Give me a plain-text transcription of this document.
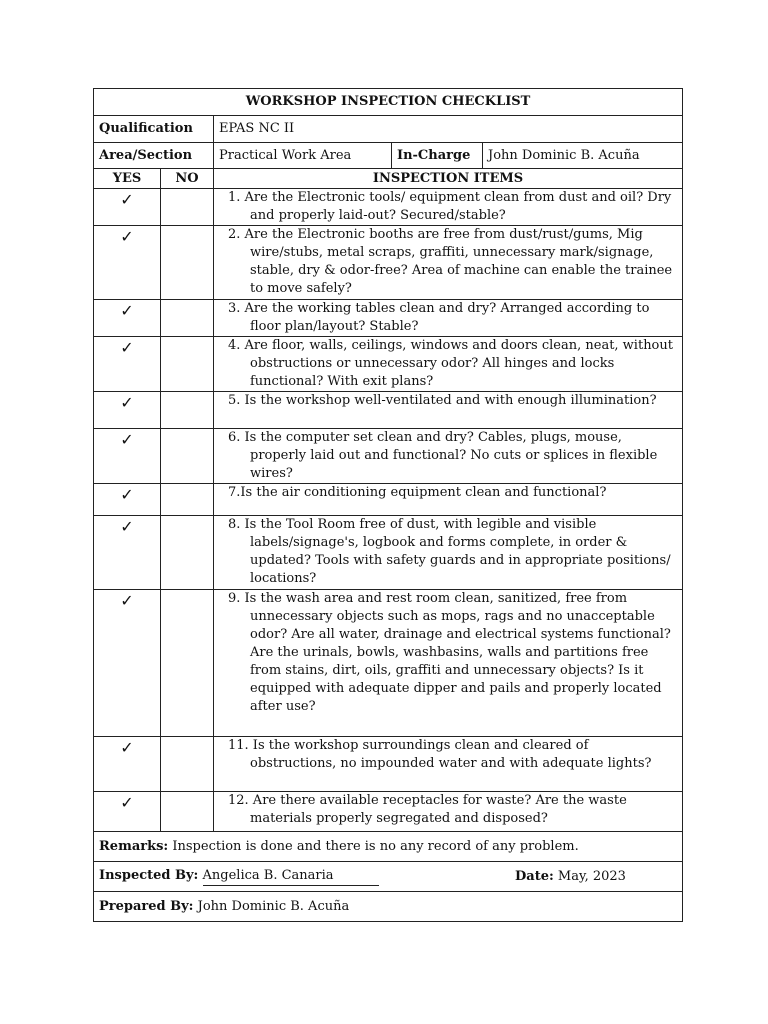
WORKSHOP INSPECTION CHECKLIST				
Qualification		EPAS NC II		
Area/Section		Practical Work Area	In-Charge	John Dominic B. Acuña
YES	NO	INSPECTION ITEMS		
✓		1. Are the Electronic tools/ equipment clean from dust and oil? Dry and properly laid-out? Secured/stable?		

✓		2. Are the Electronic booths are free from dust/rust/gums, Mig wire/stubs, metal scraps, graffiti, unnecessary mark/signage, stable, dry & odor-free? Area of machine can enable the trainee to move safely?		

✓		3. Are the working tables clean and dry? Arranged according to floor plan/layout? Stable?		

✓		4. Are floor, walls, ceilings, windows and doors clean, neat, without obstructions or unnecessary odor? All hinges and locks functional? With exit plans?		

✓		5. Is the workshop well-ventilated and with enough illumination?		

✓		6. Is the computer set clean and dry? Cables, plugs, mouse, properly laid out and functional? No cuts or splices in flexible wires?		

✓		7.Is the air conditioning equipment clean and functional?		

✓		8. Is the Tool Room free of dust, with legible and visible labels/signage's, logbook and forms complete, in order & updated? Tools with safety guards and in appropriate positions/ locations?		

✓		9. Is the wash area and rest room clean, sanitized, free from unnecessary objects such as mops, rags and no unacceptable odor? Are all water, drainage and electrical systems functional? Are the urinals, bowls, washbasins, walls and partitions free from stains, dirt, oils, graffiti and unnecessary objects? Is it equipped with adequate dipper and pails and properly located after use?		

✓		11. Is the workshop surroundings clean and cleared of obstructions, no impounded water and with adequate lights?		

✓		12. Are there available receptacles for waste? Are the waste materials properly segregated and disposed?		

Remarks: Inspection is done and there is no any record of any problem.				
Inspected By: Angelica B. Canaria Date: May, 2023				

Prepared By: John Dominic B. Acuña				
